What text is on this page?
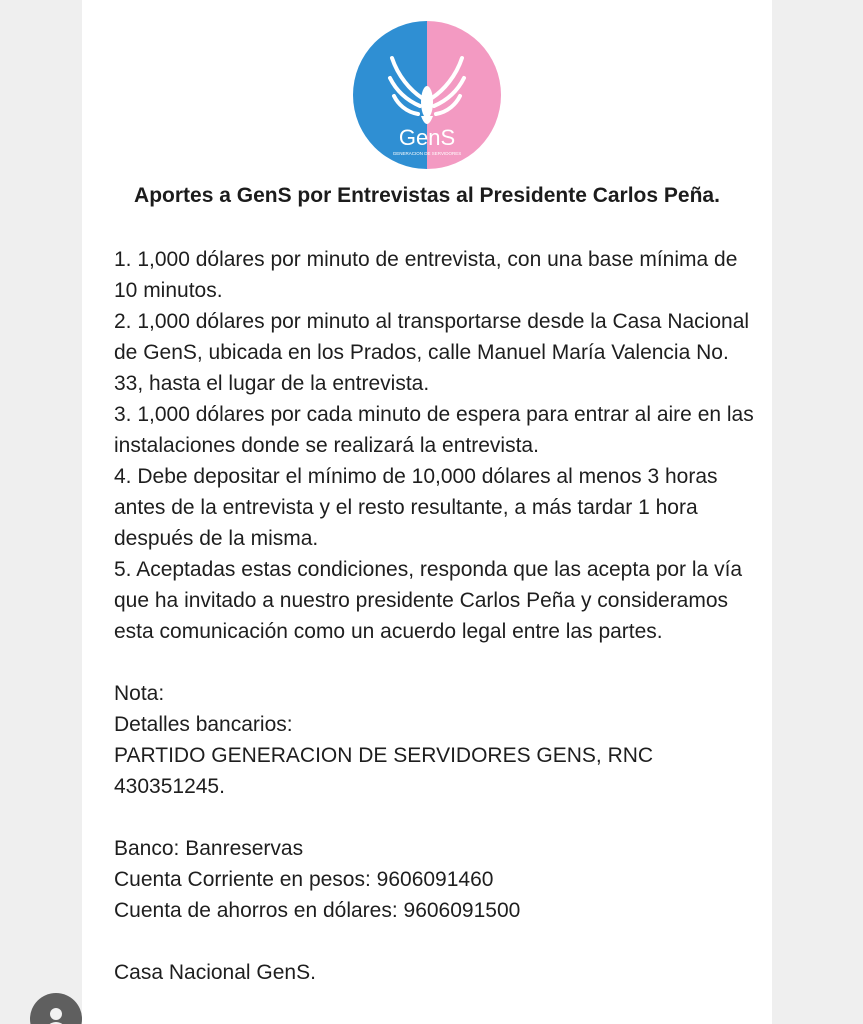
GenS
GENERACION DE SERVIDORES
Aportes a GenS por Entrevistas al Presidente Carlos Peña.

1. 1,000 dólares por minuto de entrevista, con una base mínima de 10 minutos.

2. 1,000 dólares por minuto al transportarse desde la Casa Nacional de GenS, ubicada en los Prados, calle Manuel María Valencia No. 33, hasta el lugar de la entrevista.

3. 1,000 dólares por cada minuto de espera para entrar al aire en las instalaciones donde se realizará la entrevista.

4. Debe depositar el mínimo de 10,000 dólares al menos 3 horas antes de la entrevista y el resto resultante, a más tardar 1 hora después de la misma.

5. Aceptadas estas condiciones, responda que las acepta por la vía que ha invitado a nuestro presidente Carlos Peña y consideramos esta comunicación como un acuerdo legal entre las partes.

Nota:

Detalles bancarios:

PARTIDO GENERACION DE SERVIDORES GENS, RNC 430351245.

Banco: Banreservas

Cuenta Corriente en pesos: 9606091460

Cuenta de ahorros en dólares: 9606091500

Casa Nacional GenS.
